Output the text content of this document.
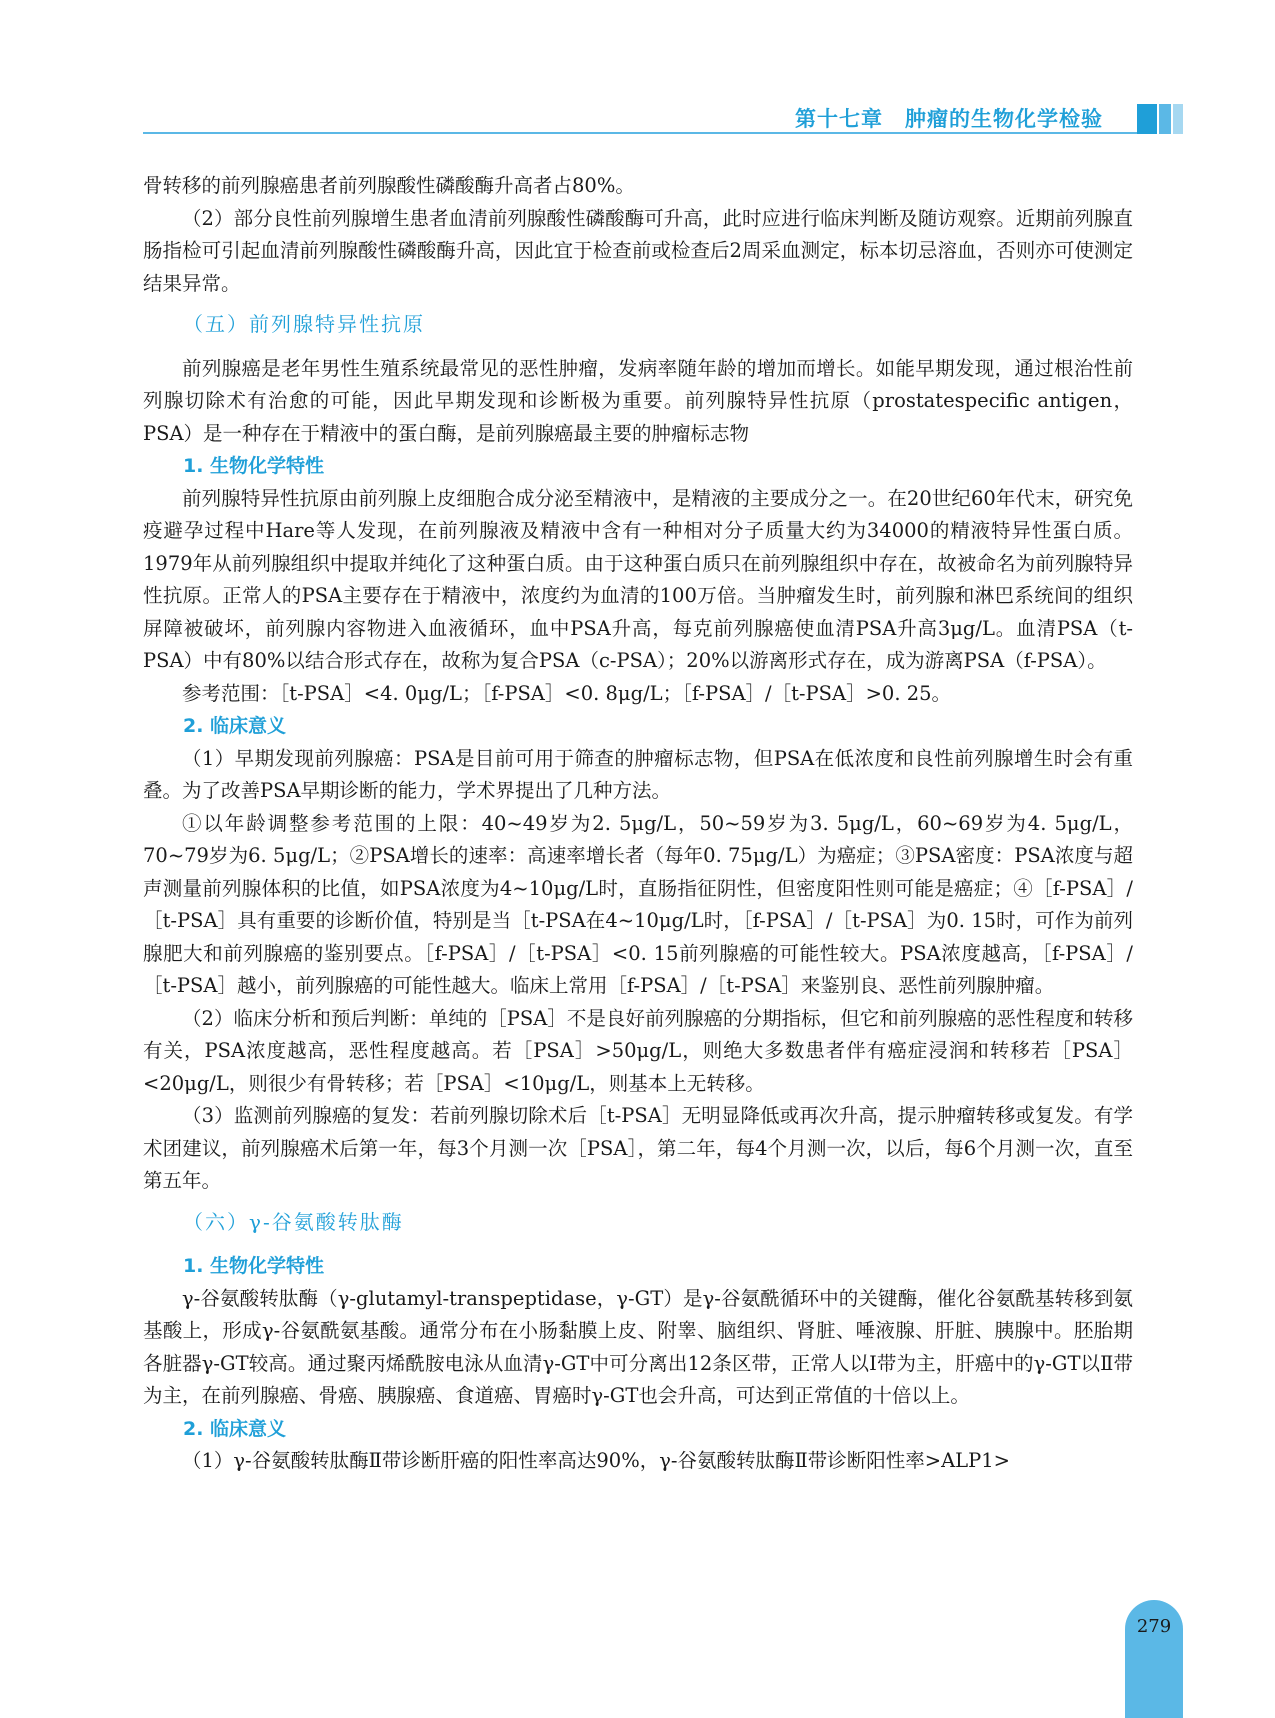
第十七章　肿瘤的生物化学检验

骨转移的前列腺癌患者前列腺酸性磷酸酶升高者占80%。

（2）部分良性前列腺增生患者血清前列腺酸性磷酸酶可升高，此时应进行临床判断及随访观察。近期前列腺直肠指检可引起血清前列腺酸性磷酸酶升高，因此宜于检查前或检查后2周采血测定，标本切忌溶血，否则亦可使测定结果异常。

（五）前列腺特异性抗原

前列腺癌是老年男性生殖系统最常见的恶性肿瘤，发病率随年龄的增加而增长。如能早期发现，通过根治性前列腺切除术有治愈的可能，因此早期发现和诊断极为重要。前列腺特异性抗原（prostatespecific antigen，PSA）是一种存在于精液中的蛋白酶，是前列腺癌最主要的肿瘤标志物

1. 生物化学特性

前列腺特异性抗原由前列腺上皮细胞合成分泌至精液中，是精液的主要成分之一。在20世纪60年代末，研究免疫避孕过程中Hare等人发现，在前列腺液及精液中含有一种相对分子质量大约为34000的精液特异性蛋白质。1979年从前列腺组织中提取并纯化了这种蛋白质。由于这种蛋白质只在前列腺组织中存在，故被命名为前列腺特异性抗原。正常人的PSA主要存在于精液中，浓度约为血清的100万倍。当肿瘤发生时，前列腺和淋巴系统间的组织屏障被破坏，前列腺内容物进入血液循环，血中PSA升高，每克前列腺癌使血清PSA升高3μg/L。血清PSA（t-PSA）中有80%以结合形式存在，故称为复合PSA（c-PSA）；20%以游离形式存在，成为游离PSA（f-PSA）。

参考范围：［t-PSA］<4. 0μg/L；［f-PSA］<0. 8μg/L；［f-PSA］/［t-PSA］>0. 25。

2. 临床意义

（1）早期发现前列腺癌：PSA是目前可用于筛查的肿瘤标志物，但PSA在低浓度和良性前列腺增生时会有重叠。为了改善PSA早期诊断的能力，学术界提出了几种方法。

①以年龄调整参考范围的上限：40~49岁为2. 5μg/L，50~59岁为3. 5μg/L，60~69岁为4. 5μg/L，70~79岁为6. 5μg/L；②PSA增长的速率：高速率增长者（每年0. 75μg/L）为癌症；③PSA密度：PSA浓度与超声测量前列腺体积的比值，如PSA浓度为4~10μg/L时，直肠指征阴性，但密度阳性则可能是癌症；④［f-PSA］/［t-PSA］具有重要的诊断价值，特别是当［t-PSA在4~10μg/L时，［f-PSA］/［t-PSA］为0. 15时，可作为前列腺肥大和前列腺癌的鉴别要点。［f-PSA］/［t-PSA］<0. 15前列腺癌的可能性较大。PSA浓度越高，［f-PSA］/［t-PSA］越小，前列腺癌的可能性越大。临床上常用［f-PSA］/［t-PSA］来鉴别良、恶性前列腺肿瘤。

（2）临床分析和预后判断：单纯的［PSA］不是良好前列腺癌的分期指标，但它和前列腺癌的恶性程度和转移有关，PSA浓度越高，恶性程度越高。若［PSA］>50μg/L，则绝大多数患者伴有癌症浸润和转移若［PSA］<20μg/L，则很少有骨转移；若［PSA］<10μg/L，则基本上无转移。

（3）监测前列腺癌的复发：若前列腺切除术后［t-PSA］无明显降低或再次升高，提示肿瘤转移或复发。有学术团建议，前列腺癌术后第一年，每3个月测一次［PSA］，第二年，每4个月测一次，以后，每6个月测一次，直至第五年。

（六）γ-谷氨酸转肽酶

1. 生物化学特性

γ-谷氨酸转肽酶（γ-glutamyl-transpeptidase，γ-GT）是γ-谷氨酰循环中的关键酶，催化谷氨酰基转移到氨基酸上，形成γ-谷氨酰氨基酸。通常分布在小肠黏膜上皮、附睾、脑组织、肾脏、唾液腺、肝脏、胰腺中。胚胎期各脏器γ-GT较高。通过聚丙烯酰胺电泳从血清γ-GT中可分离出12条区带，正常人以Ⅰ带为主，肝癌中的γ-GT以Ⅱ带为主，在前列腺癌、骨癌、胰腺癌、食道癌、胃癌时γ-GT也会升高，可达到正常值的十倍以上。

2. 临床意义

（1）γ-谷氨酸转肽酶Ⅱ带诊断肝癌的阳性率高达90%，γ-谷氨酸转肽酶Ⅱ带诊断阳性率>ALP1>

279
